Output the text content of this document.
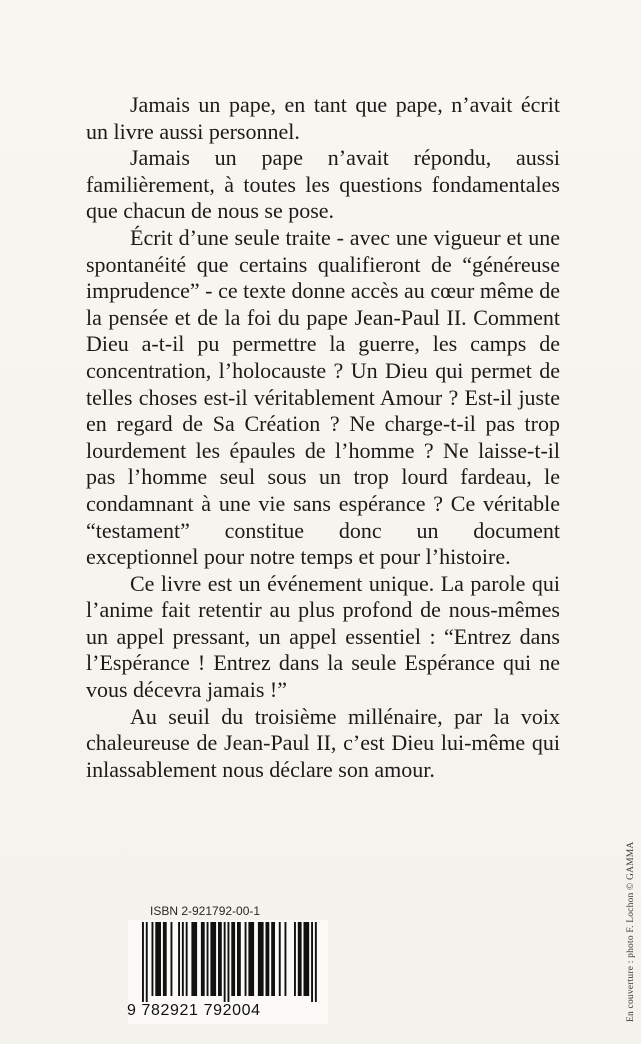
Jamais un pape, en tant que pape, n’avait écrit un livre aussi personnel.

Jamais un pape n’avait répondu, aussi familièrement, à toutes les questions fondamentales que chacun de nous se pose.

Écrit d’une seule traite - avec une vigueur et une spontanéité que certains qualifieront de “généreuse imprudence” - ce texte donne accès au cœur même de la pensée et de la foi du pape Jean-Paul II. Comment Dieu a-t-il pu permettre la guerre, les camps de concentration, l’holocauste ? Un Dieu qui permet de telles choses est-il véritablement Amour ? Est-il juste en regard de Sa Création ? Ne charge-t-il pas trop lourdement les épaules de l’homme ? Ne laisse-t-il pas l’homme seul sous un trop lourd fardeau, le condamnant à une vie sans espérance ? Ce véritable “testament” constitue donc un document exceptionnel pour notre temps et pour l’histoire.

Ce livre est un événement unique. La parole qui l’anime fait retentir au plus profond de nous-mêmes un appel pressant, un appel essentiel : “Entrez dans l’Espérance ! Entrez dans la seule Espérance qui ne vous décevra jamais !”

Au seuil du troisième millénaire, par la voix chaleureuse de Jean-Paul II, c’est Dieu lui-même qui inlassablement nous déclare son amour.

En couverture : photo F. Lochon © GAMMA
ISBN 2-921792-00-1
9 782921 792004
